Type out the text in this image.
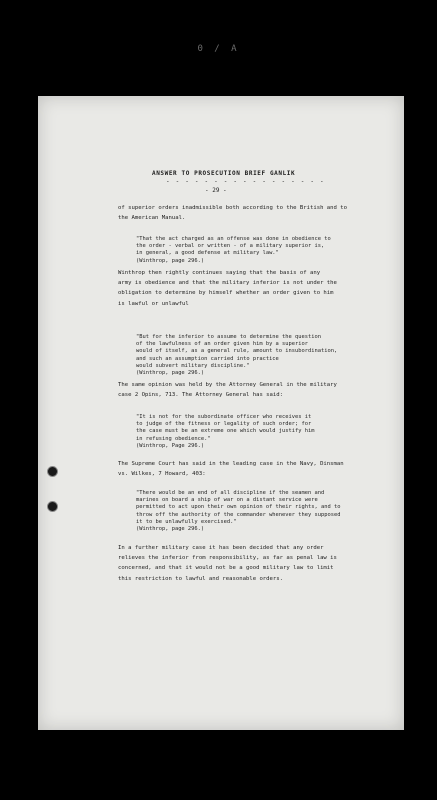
0 / A
ANSWER TO PROSECUTION BRIEF GANLIK
- - - - - - - - - - - - - - - - -
- 29 -
of superior orders inadmissible both according to the British and to
the American Manual.
"That the act charged as an offense was done in obedience to
the order - verbal or written - of a military superior is,
in general, a good defense at military law."
(Winthrop, page 296.)
Winthrop then rightly continues saying that the basis of any
army is obedience and that the military inferior is not under the
obligation to determine by himself whether an order given to him
is lawful or unlawful
"But for the inferior to assume to determine the question
of the lawfulness of an order given him by a superior
would of itself, as a general rule, amount to insubordination,
and such an assumption carried into practice
would subvert military discipline."
(Winthrop, page 296.)
The same opinion was held by the Attorney General in the military
case 2 Opins, 713. The Attorney General has said:
"It is not for the subordinate officer who receives it
to judge of the fitness or legality of such order; for
the case must be an extreme one which would justify him
in refusing obedience."
(Winthrop, Page 296.)
The Supreme Court has said in the leading case in the Navy, Dinsman
vs. Wilkes, 7 Howard, 403:
"There would be an end of all discipline if the seamen and
marines on board a ship of war on a distant service were
permitted to act upon their own opinion of their rights, and to
throw off the authority of the commander whenever they supposed
it to be unlawfully exercised."
(Winthrop, page 296.)
In a further military case it has been decided that any order
relieves the inferior from responsibility, as far as penal law is
concerned, and that it would not be a good military law to limit
this restriction to lawful and reasonable orders.
